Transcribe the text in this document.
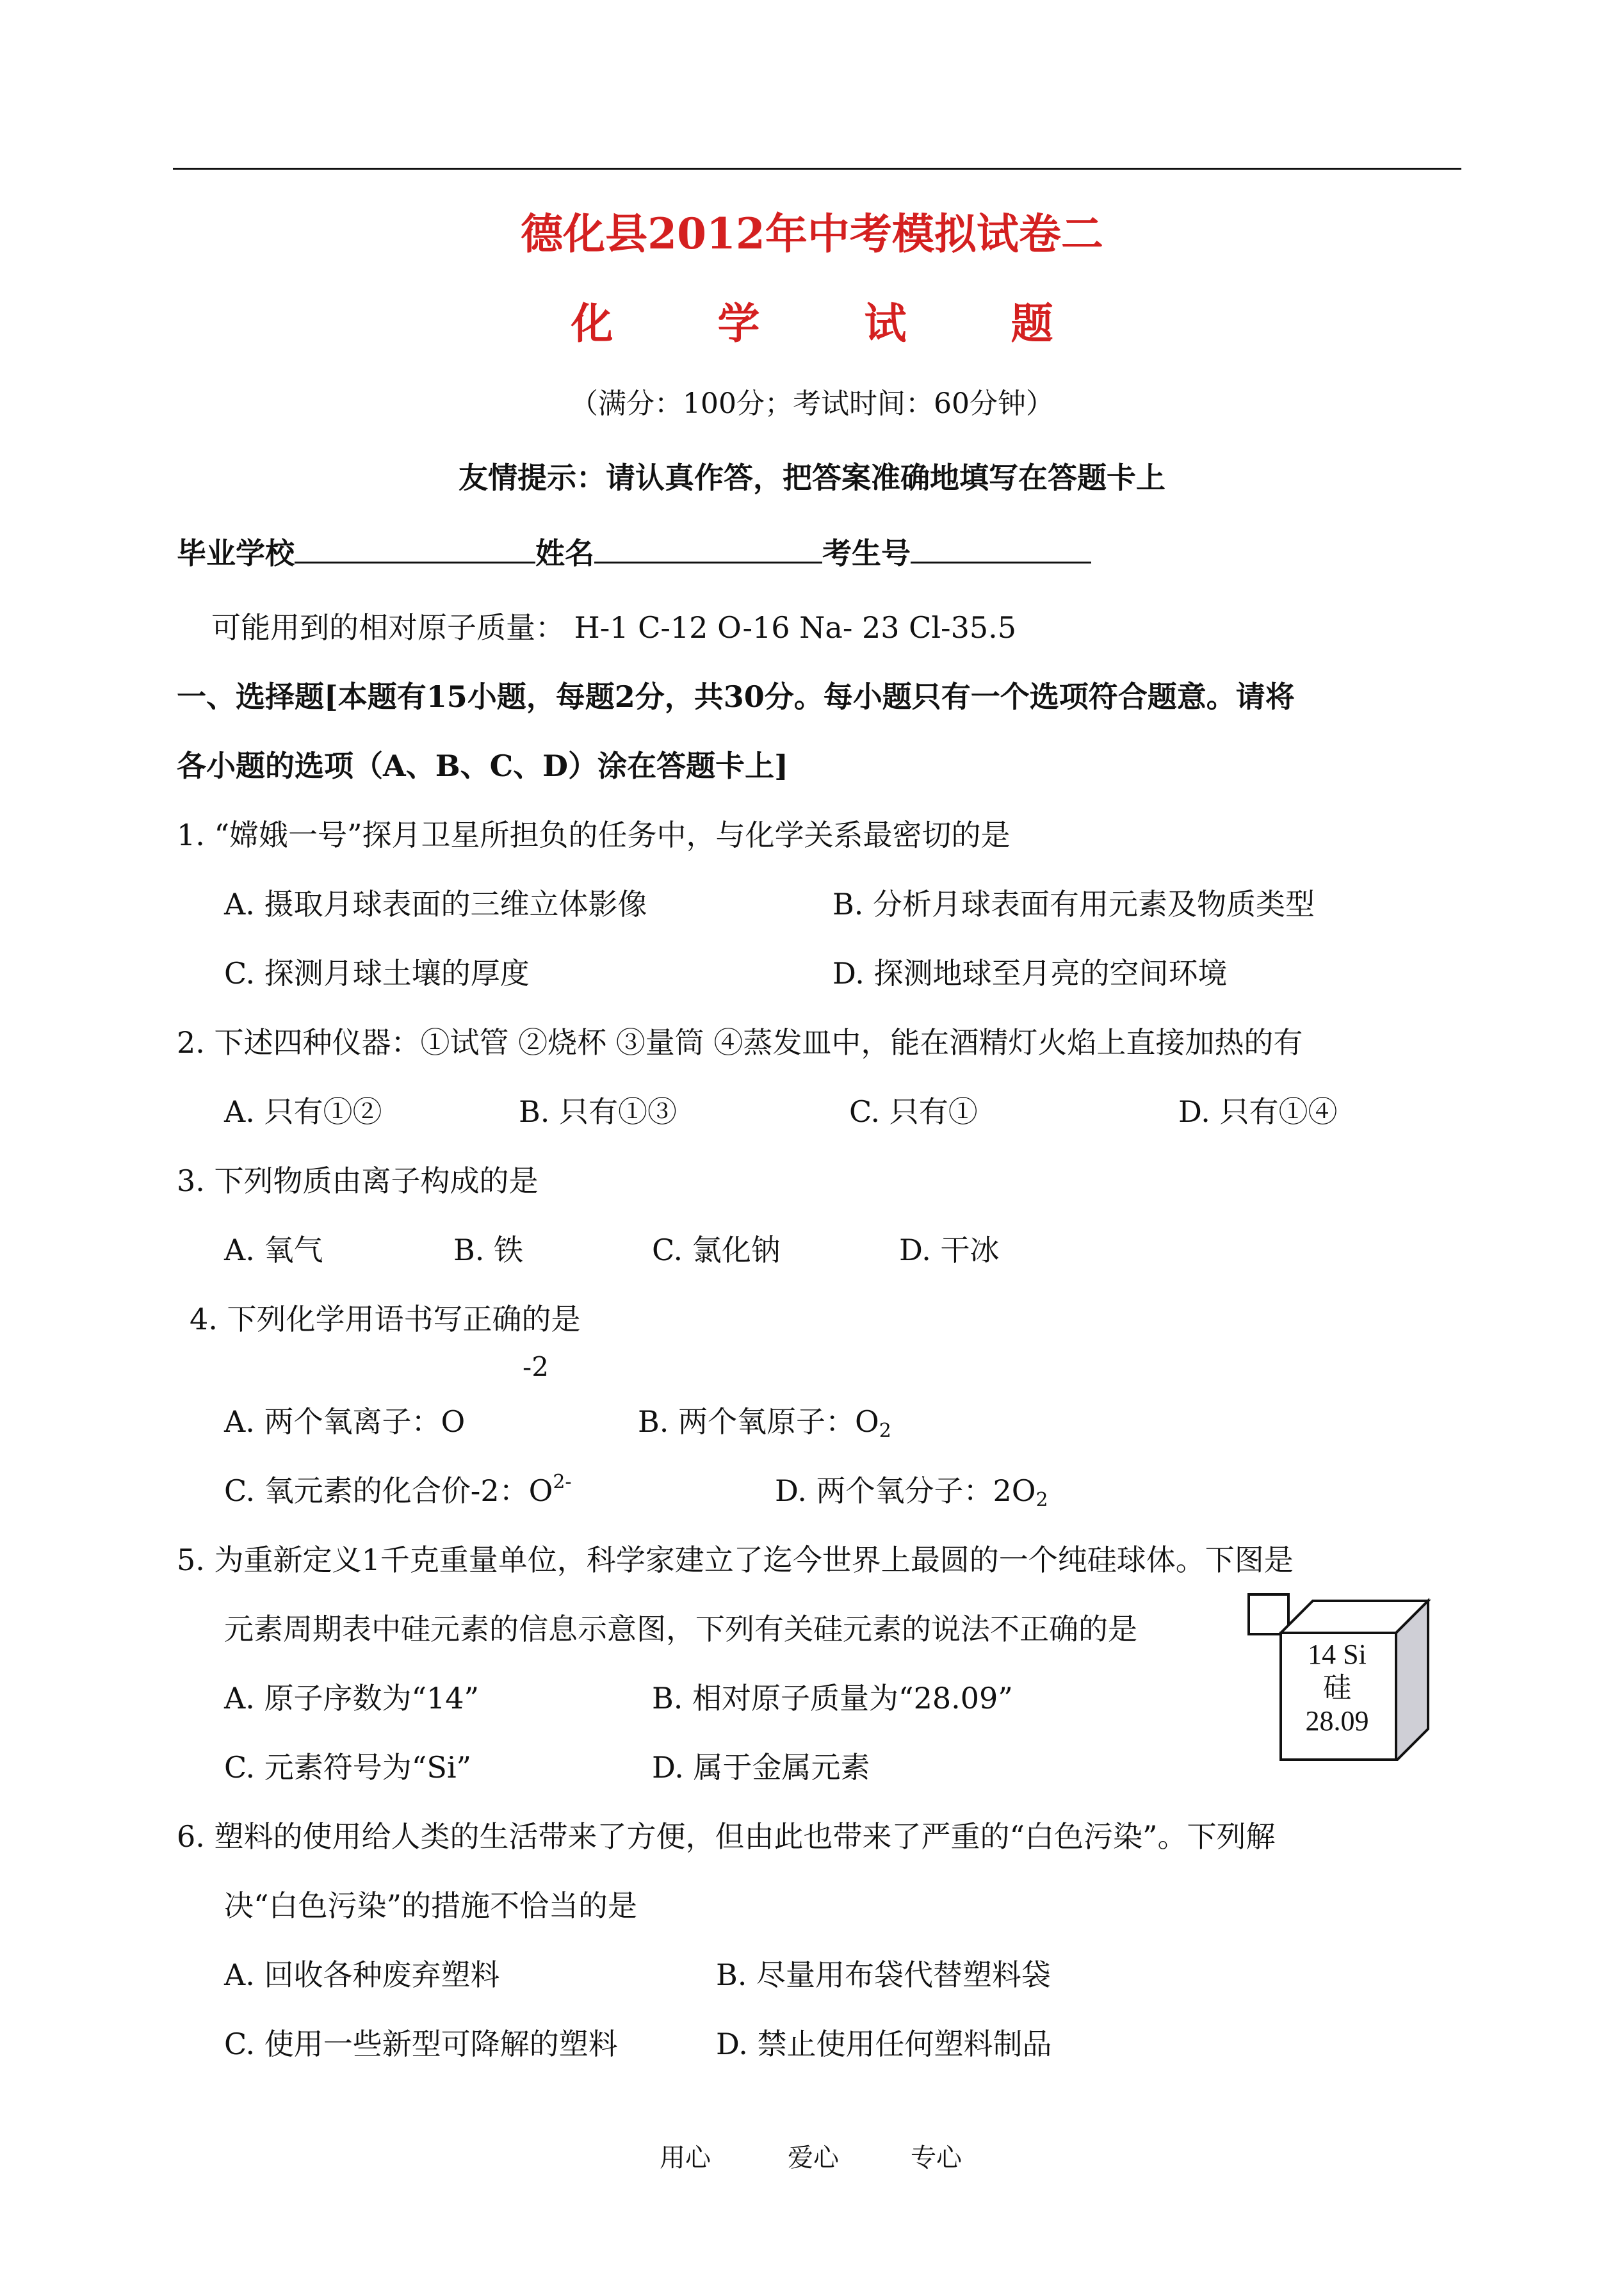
德化县2012年中考模拟试卷二
化 学 试 题
（满分：100分；考试时间：60分钟）
友情提示：请认真作答，把答案准确地填写在答题卡上
毕业学校	姓名	考生号
可能用到的相对原子质量： H-1 C-12 O-16 Na- 23 Cl-35.5
一、选择题[本题有15小题，每题2分，共30分。每小题只有一个选项符合题意。请将
各小题的选项（A、B、C、D）涂在答题卡上]
1. “嫦娥一号”探月卫星所担负的任务中，与化学关系最密切的是
A. 摄取月球表面的三维立体影像	B. 分析月球表面有用元素及物质类型
C. 探测月球土壤的厚度	D. 探测地球至月亮的空间环境
2. 下述四种仪器：①试管 ②烧杯 ③量筒 ④蒸发皿中，能在酒精灯火焰上直接加热的有
A. 只有①②	B. 只有①③	C. 只有①	D. 只有①④
3. 下列物质由离子构成的是
A. 氧气	B. 铁	C. 氯化钠	D. 干冰
4. 下列化学用语书写正确的是
-2
A. 两个氧离子：O	B. 两个氧原子：$O_2$
C. 氧元素的化合价-2：$O^{2-}$	D. 两个氧分子：$2O_2$
5. 为重新定义1千克重量单位，科学家建立了迄今世界上最圆的一个纯硅球体。下图是
元素周期表中硅元素的信息示意图，下列有关硅元素的说法不正确的是
A. 原子序数为“14”	B. 相对原子质量为“28.09”
C. 元素符号为“Si”	D. 属于金属元素
14 Si
硅
28.09
6. 塑料的使用给人类的生活带来了方便，但由此也带来了严重的“白色污染”。下列解
决“白色污染”的措施不恰当的是
A. 回收各种废弃塑料	B. 尽量用布袋代替塑料袋
C. 使用一些新型可降解的塑料	D. 禁止使用任何塑料制品
用心	爱心	专心
